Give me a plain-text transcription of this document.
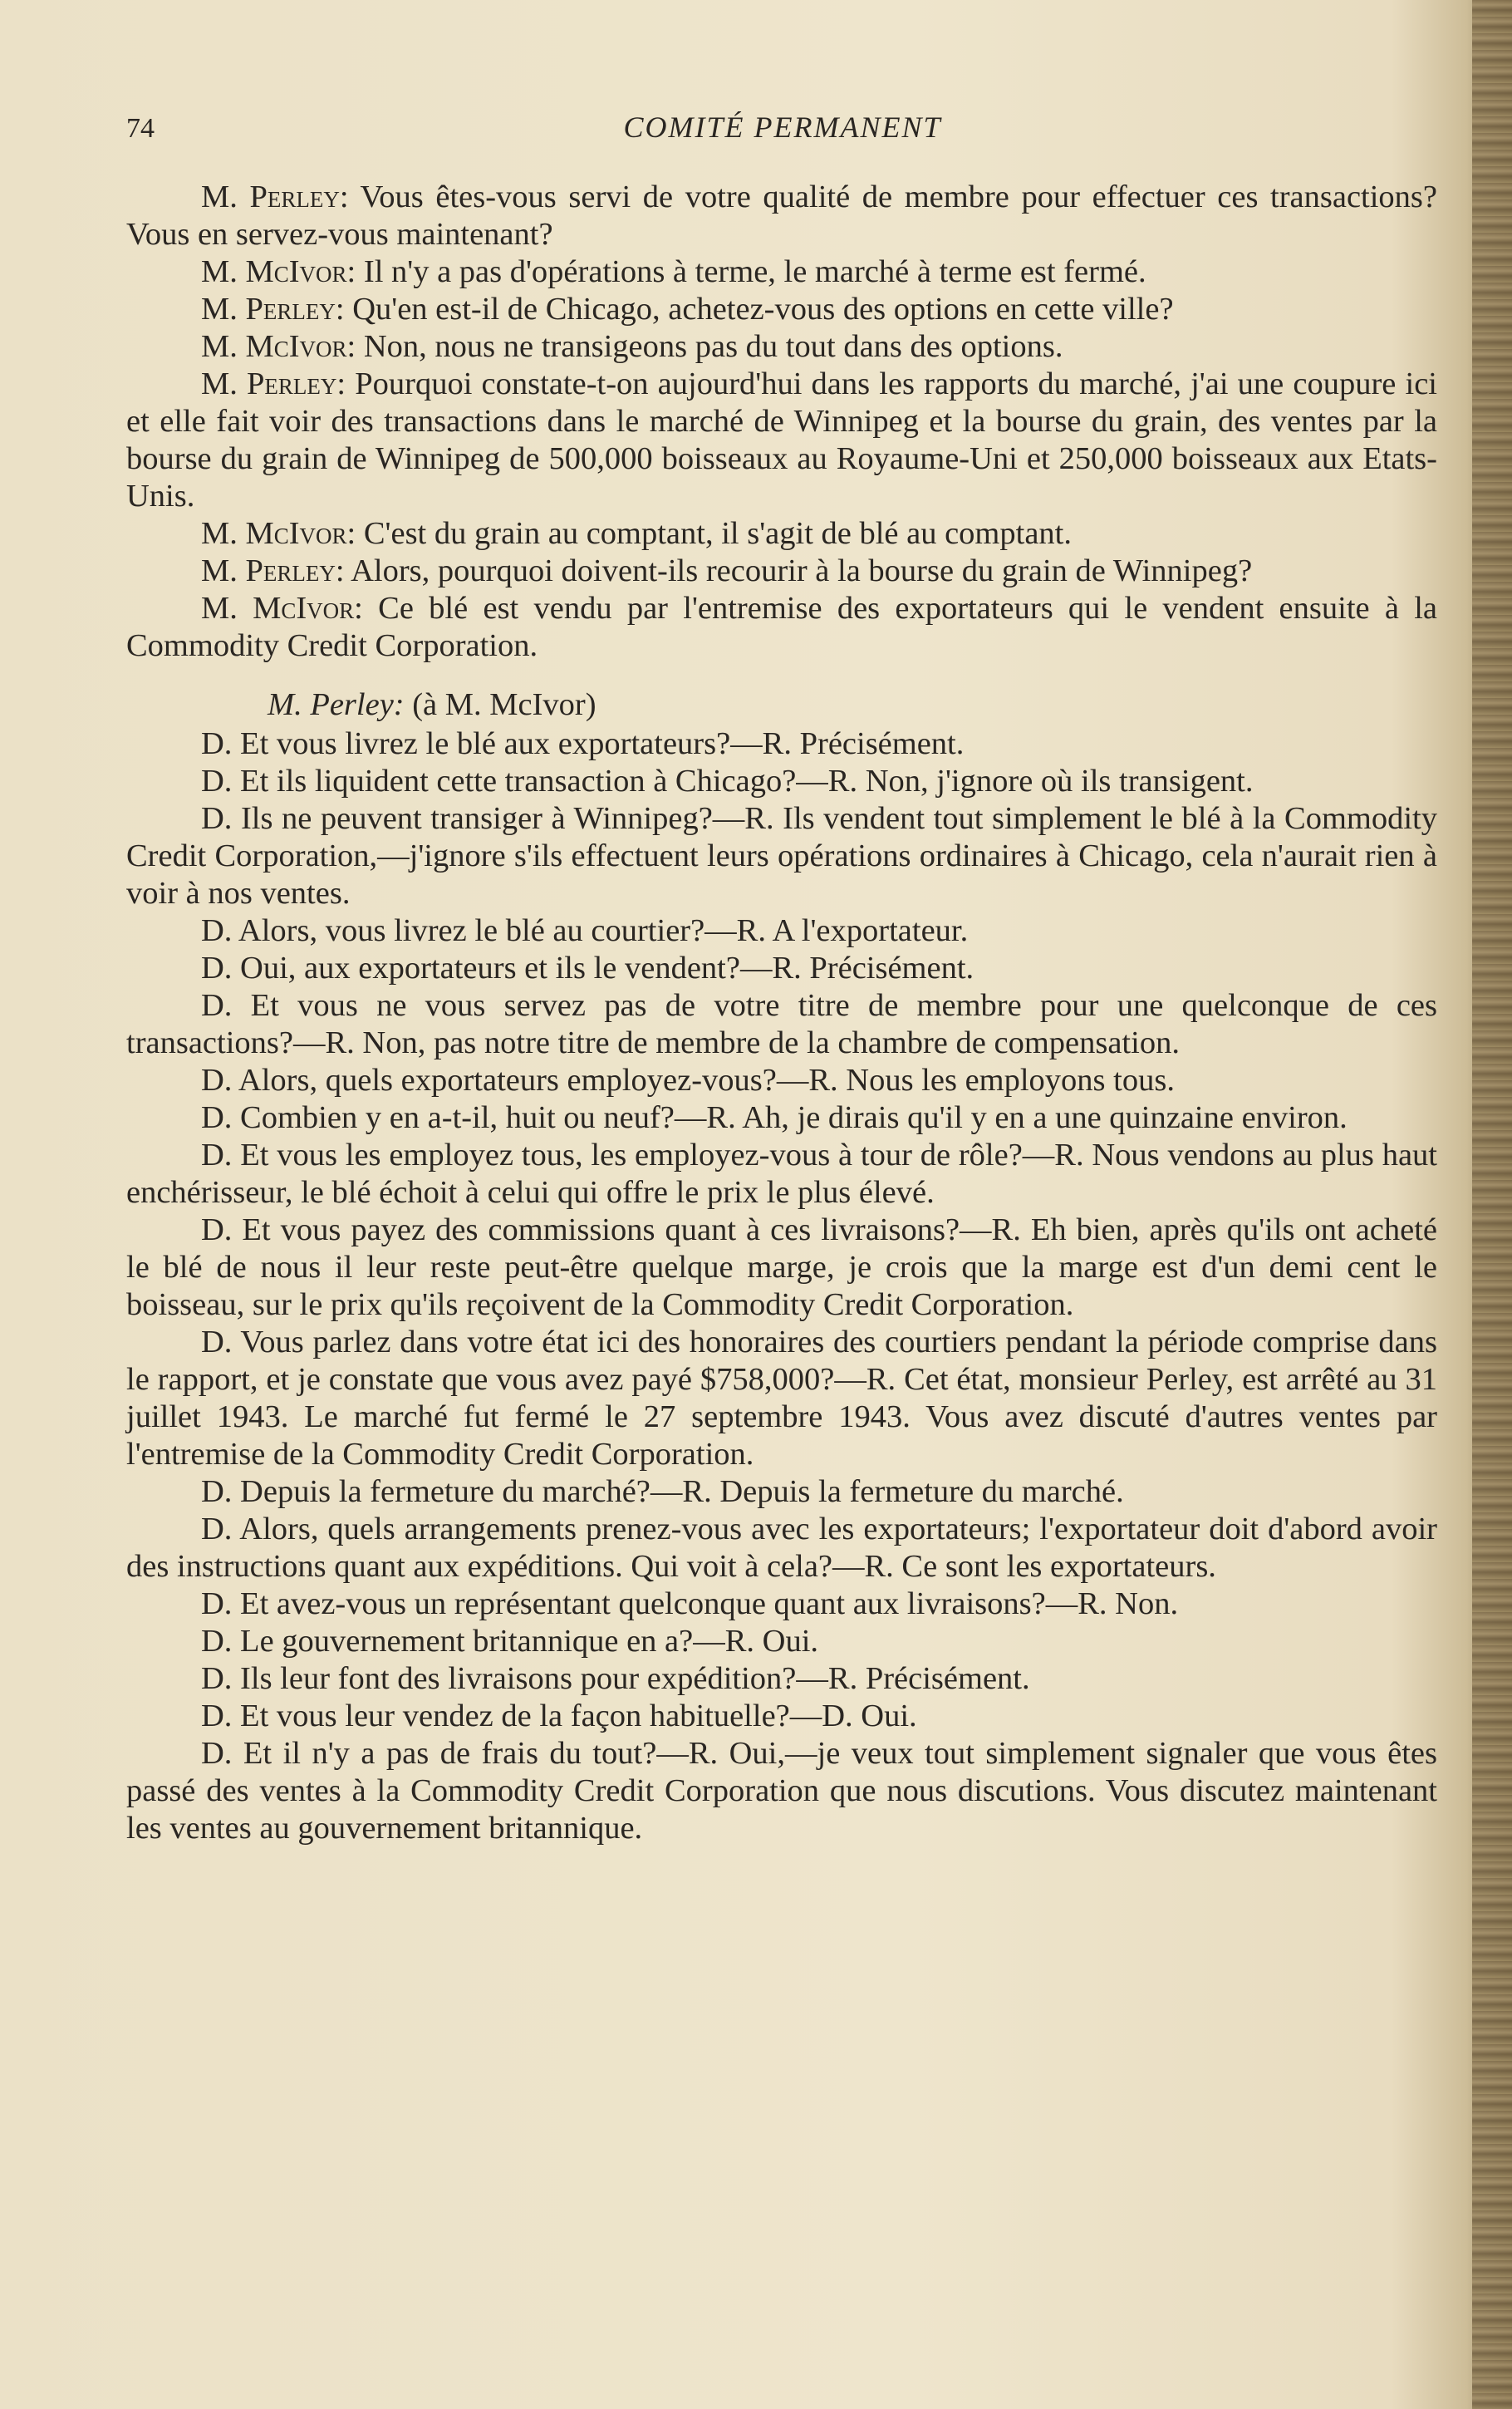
74	COMITÉ PERMANENT

M. Perley: Vous êtes-vous servi de votre qualité de membre pour effectuer ces transactions? Vous en servez-vous maintenant?

M. McIvor: Il n'y a pas d'opérations à terme, le marché à terme est fermé.

M. Perley: Qu'en est-il de Chicago, achetez-vous des options en cette ville?

M. McIvor: Non, nous ne transigeons pas du tout dans des options.

M. Perley: Pourquoi constate-t-on aujourd'hui dans les rapports du marché, j'ai une coupure ici et elle fait voir des transactions dans le marché de Winnipeg et la bourse du grain, des ventes par la bourse du grain de Winnipeg de 500,000 boisseaux au Royaume-Uni et 250,000 boisseaux aux Etats-Unis.

M. McIvor: C'est du grain au comptant, il s'agit de blé au comptant.

M. Perley: Alors, pourquoi doivent-ils recourir à la bourse du grain de Winnipeg?

M. McIvor: Ce blé est vendu par l'entremise des exportateurs qui le vendent ensuite à la Commodity Credit Corporation.

M. Perley: (à M. McIvor)

D. Et vous livrez le blé aux exportateurs?—R. Précisément.

D. Et ils liquident cette transaction à Chicago?—R. Non, j'ignore où ils transigent.

D. Ils ne peuvent transiger à Winnipeg?—R. Ils vendent tout simplement le blé à la Commodity Credit Corporation,—j'ignore s'ils effectuent leurs opérations ordinaires à Chicago, cela n'aurait rien à voir à nos ventes.

D. Alors, vous livrez le blé au courtier?—R. A l'exportateur.

D. Oui, aux exportateurs et ils le vendent?—R. Précisément.

D. Et vous ne vous servez pas de votre titre de membre pour une quelconque de ces transactions?—R. Non, pas notre titre de membre de la chambre de compensation.

D. Alors, quels exportateurs employez-vous?—R. Nous les employons tous.

D. Combien y en a-t-il, huit ou neuf?—R. Ah, je dirais qu'il y en a une quinzaine environ.

D. Et vous les employez tous, les employez-vous à tour de rôle?—R. Nous vendons au plus haut enchérisseur, le blé échoit à celui qui offre le prix le plus élevé.

D. Et vous payez des commissions quant à ces livraisons?—R. Eh bien, après qu'ils ont acheté le blé de nous il leur reste peut-être quelque marge, je crois que la marge est d'un demi cent le boisseau, sur le prix qu'ils reçoivent de la Commodity Credit Corporation.

D. Vous parlez dans votre état ici des honoraires des courtiers pendant la période comprise dans le rapport, et je constate que vous avez payé $758,000?—R. Cet état, monsieur Perley, est arrêté au 31 juillet 1943. Le marché fut fermé le 27 septembre 1943. Vous avez discuté d'autres ventes par l'entremise de la Commodity Credit Corporation.

D. Depuis la fermeture du marché?—R. Depuis la fermeture du marché.

D. Alors, quels arrangements prenez-vous avec les exportateurs; l'exportateur doit d'abord avoir des instructions quant aux expéditions. Qui voit à cela?—R. Ce sont les exportateurs.

D. Et avez-vous un représentant quelconque quant aux livraisons?—R. Non.

D. Le gouvernement britannique en a?—R. Oui.

D. Ils leur font des livraisons pour expédition?—R. Précisément.

D. Et vous leur vendez de la façon habituelle?—D. Oui.

D. Et il n'y a pas de frais du tout?—R. Oui,—je veux tout simplement signaler que vous êtes passé des ventes à la Commodity Credit Corporation que nous discutions. Vous discutez maintenant les ventes au gouvernement britannique.
